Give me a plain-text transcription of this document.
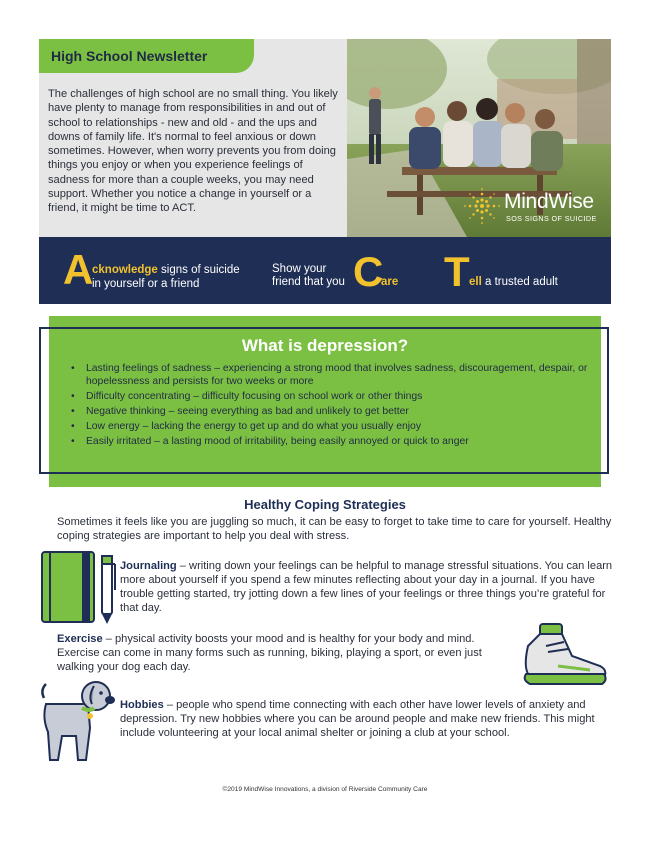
High School Newsletter
The challenges of high school are no small thing. You likely have plenty to manage from responsibilities in and out of school to relationships - new and old - and the ups and downs of family life. It's normal to feel anxious or down sometimes. However, when worry prevents you from doing things you enjoy or when you experience feelings of sadness for more than a couple weeks, you may need support. Whether you notice a change in yourself or a friend, it might be time to ACT.	MindWise
SOS SIGNS OF SUICIDE
A
cknowledge signs of suicide
in yourself or a friend
Show your
friend that you C
are T ell a trusted adult
What is depression?
• Lasting feelings of sadness – experiencing a strong mood that involves sadness, discouragement, despair, or hopelessness and persists for two weeks or more
• Difficulty concentrating – difficulty focusing on school work or other things
• Negative thinking – seeing everything as bad and unlikely to get better
• Low energy – lacking the energy to get up and do what you usually enjoy
• Easily irritated – a lasting mood of irritability, being easily annoyed or quick to anger
Healthy Coping Strategies
Sometimes it feels like you are juggling so much, it can be easy to forget to take time to care for yourself. Healthy coping strategies are important to help you deal with stress.
Journaling – writing down your feelings can be helpful to manage stressful situations. You can learn more about yourself if you spend a few minutes reflecting about your day in a journal. If you have trouble getting started, try jotting down a few lines of your feelings or three things you’re grateful for that day.
Exercise – physical activity boosts your mood and is healthy for your body and mind. Exercise can come in many forms such as running, biking, playing a sport, or even just walking your dog each day.
Hobbies – people who spend time connecting with each other have lower levels of anxiety and depression. Try new hobbies where you can be around people and make new friends. This might include volunteering at your local animal shelter or joining a club at your school.
©2019 MindWise Innovations, a division of Riverside Community Care
